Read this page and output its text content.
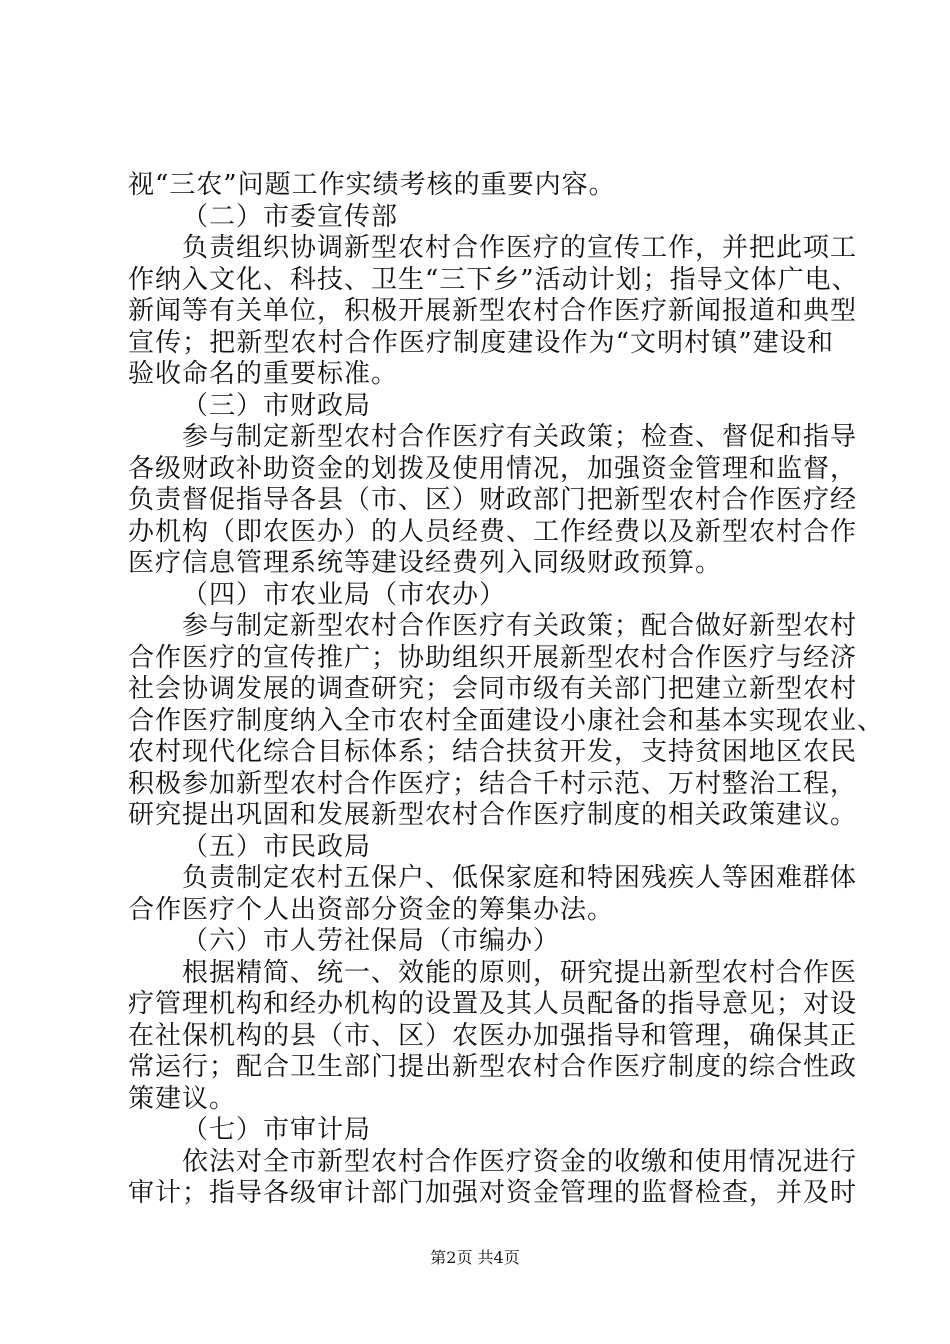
视“三农”问题工作实绩考核的重要内容。
（二）市委宣传部
负责组织协调新型农村合作医疗的宣传工作，并把此项工
作纳入文化、科技、卫生“三下乡”活动计划；指导文体广电、
新闻等有关单位，积极开展新型农村合作医疗新闻报道和典型
宣传；把新型农村合作医疗制度建设作为“文明村镇”建设和
验收命名的重要标准。
（三）市财政局
参与制定新型农村合作医疗有关政策；检查、督促和指导
各级财政补助资金的划拨及使用情况，加强资金管理和监督，
负责督促指导各县（市、区）财政部门把新型农村合作医疗经
办机构（即农医办）的人员经费、工作经费以及新型农村合作
医疗信息管理系统等建设经费列入同级财政预算。
（四）市农业局（市农办）
参与制定新型农村合作医疗有关政策；配合做好新型农村
合作医疗的宣传推广；协助组织开展新型农村合作医疗与经济
社会协调发展的调查研究；会同市级有关部门把建立新型农村
合作医疗制度纳入全市农村全面建设小康社会和基本实现农业、
农村现代化综合目标体系；结合扶贫开发，支持贫困地区农民
积极参加新型农村合作医疗；结合千村示范、万村整治工程，
研究提出巩固和发展新型农村合作医疗制度的相关政策建议。
（五）市民政局
负责制定农村五保户、低保家庭和特困残疾人等困难群体
合作医疗个人出资部分资金的筹集办法。
（六）市人劳社保局（市编办）
根据精简、统一、效能的原则，研究提出新型农村合作医
疗管理机构和经办机构的设置及其人员配备的指导意见；对设
在社保机构的县（市、区）农医办加强指导和管理，确保其正
常运行；配合卫生部门提出新型农村合作医疗制度的综合性政
策建议。
（七）市审计局
依法对全市新型农村合作医疗资金的收缴和使用情况进行
审计；指导各级审计部门加强对资金管理的监督检查，并及时
第2页 共4页
